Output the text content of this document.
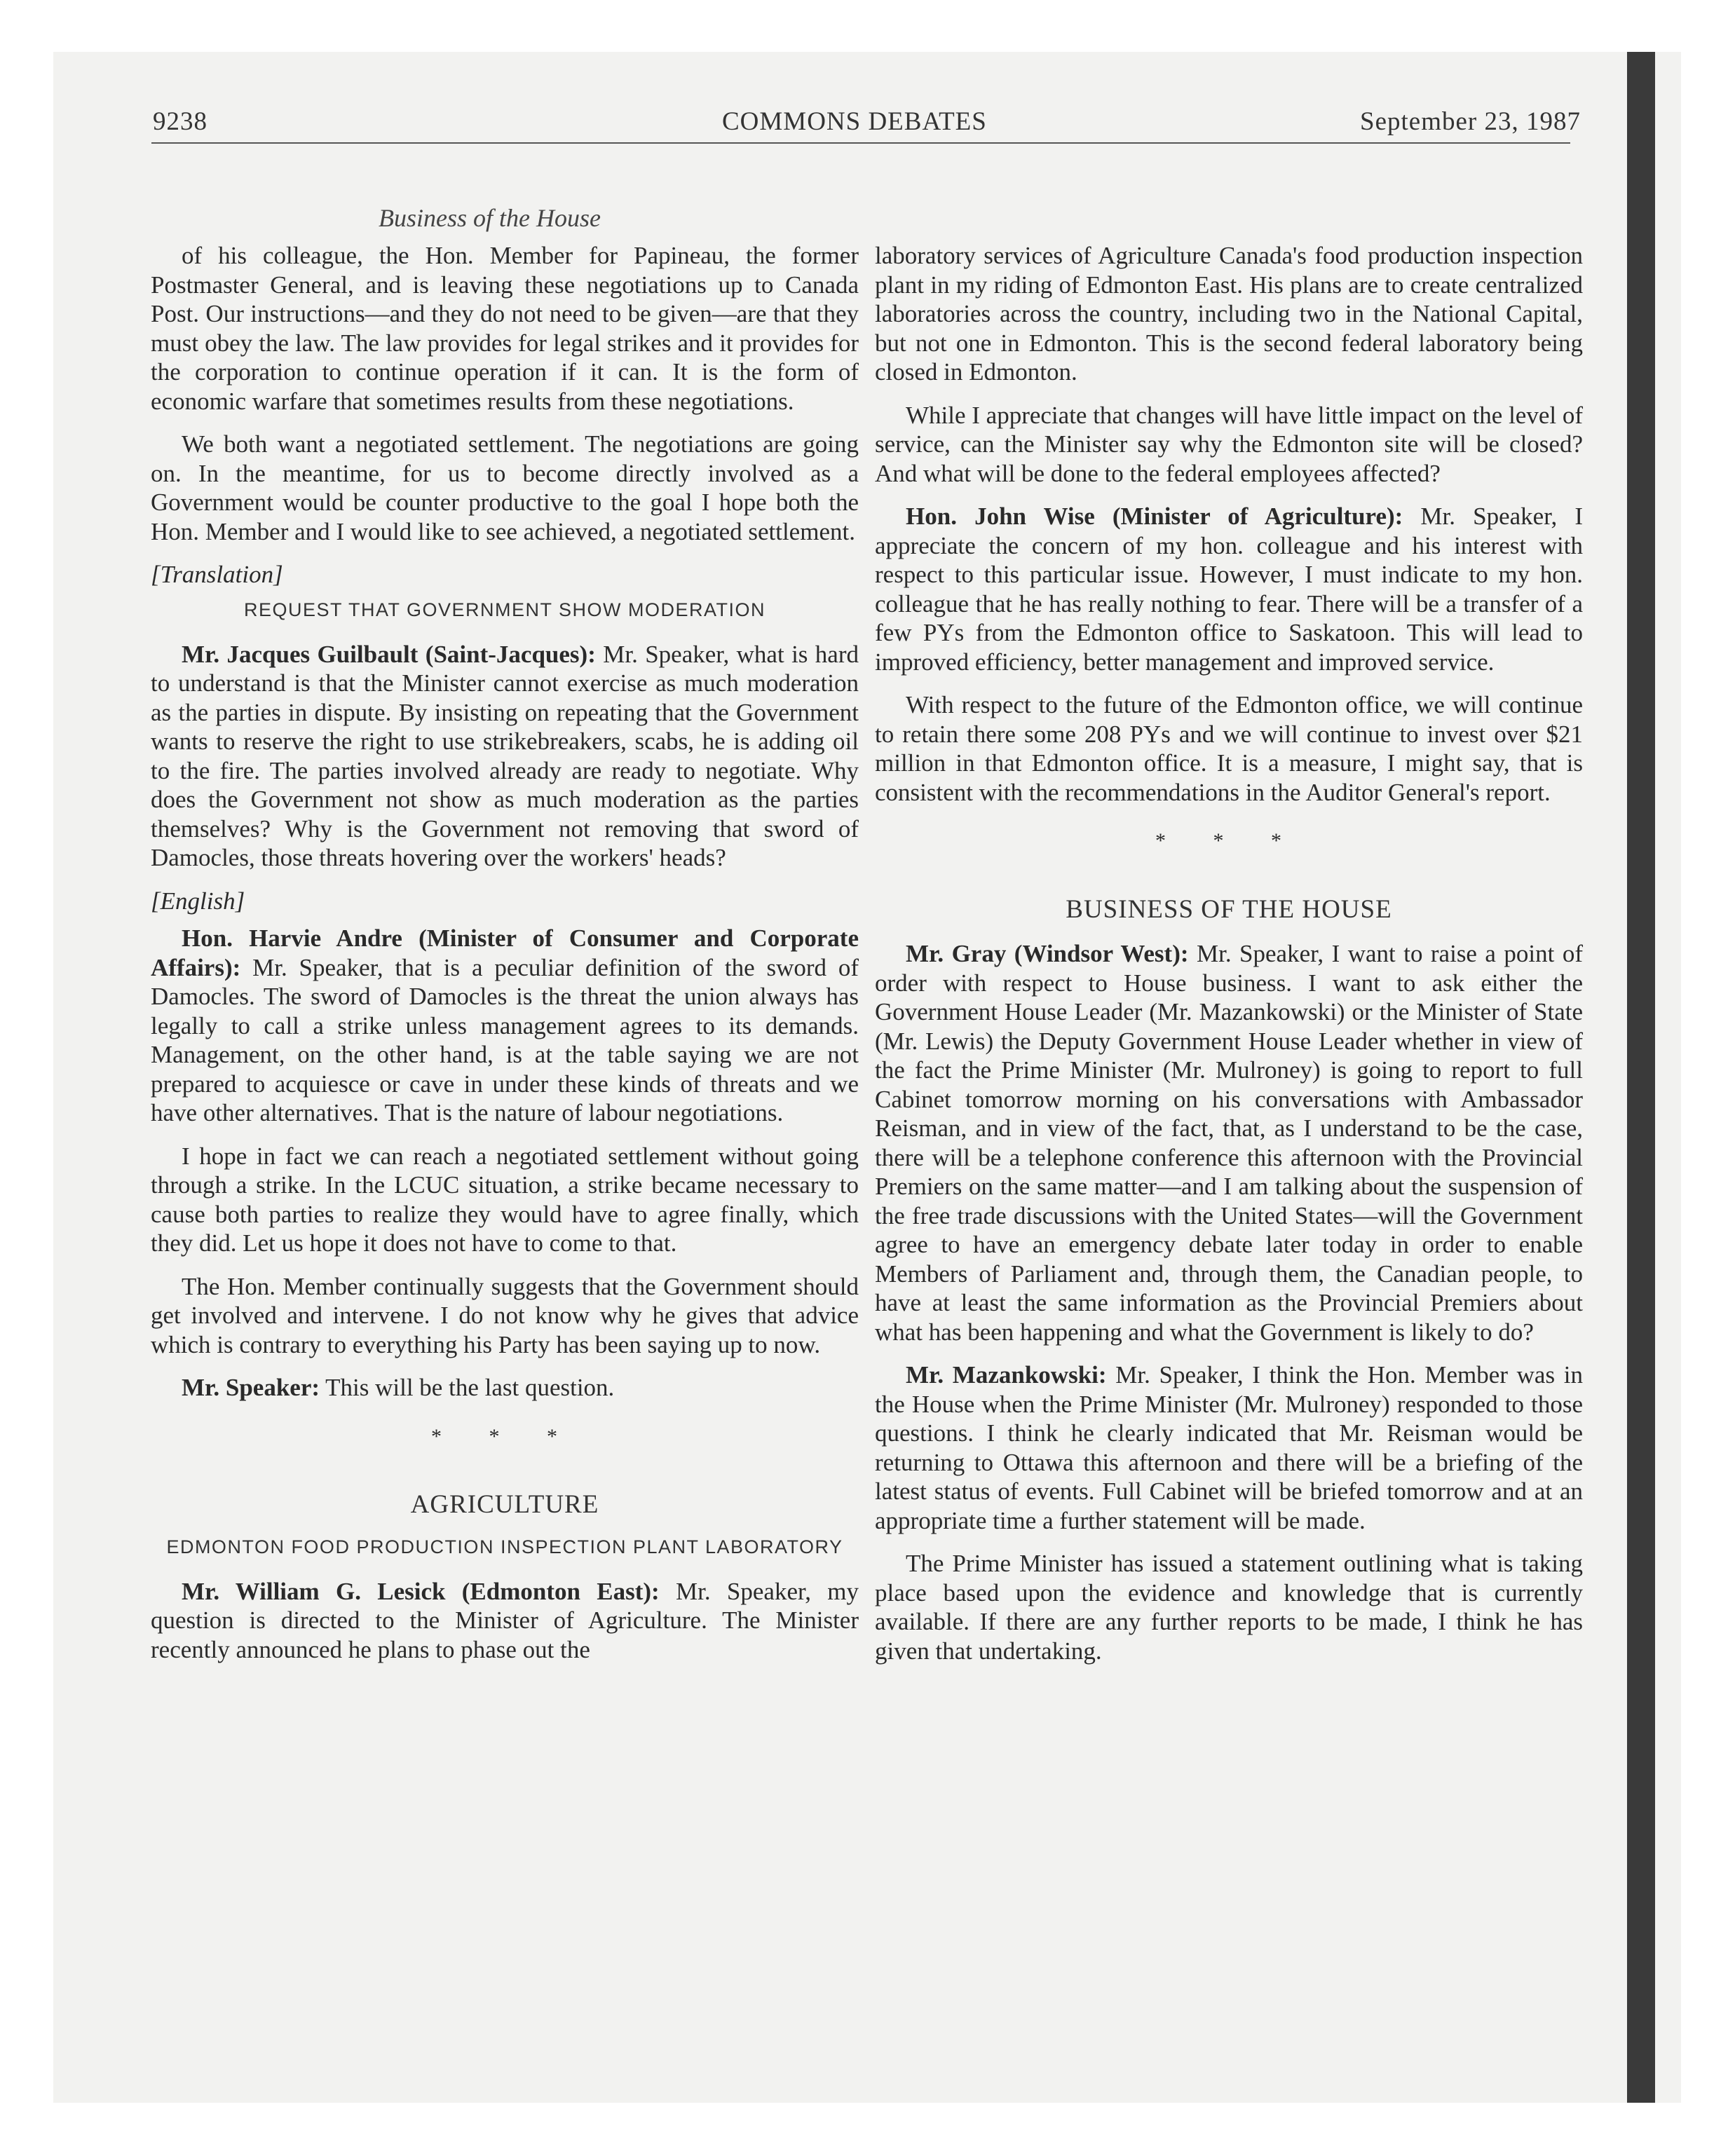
9238	COMMONS DEBATES	September 23, 1987
Business of the House

of his colleague, the Hon. Member for Papineau, the former Postmaster General, and is leaving these negotiations up to Canada Post. Our instructions—and they do not need to be given—are that they must obey the law. The law provides for legal strikes and it provides for the corporation to continue operation if it can. It is the form of economic warfare that sometimes results from these negotiations.

We both want a negotiated settlement. The negotiations are going on. In the meantime, for us to become directly involved as a Government would be counter productive to the goal I hope both the Hon. Member and I would like to see achieved, a negotiated settlement.

[Translation]

REQUEST THAT GOVERNMENT SHOW MODERATION

Mr. Jacques Guilbault (Saint-Jacques): Mr. Speaker, what is hard to understand is that the Minister cannot exercise as much moderation as the parties in dispute. By insisting on repeating that the Government wants to reserve the right to use strikebreakers, scabs, he is adding oil to the fire. The parties involved already are ready to negotiate. Why does the Government not show as much moderation as the parties themselves? Why is the Government not removing that sword of Damocles, those threats hovering over the workers' heads?

[English]

Hon. Harvie Andre (Minister of Consumer and Corporate Affairs): Mr. Speaker, that is a peculiar definition of the sword of Damocles. The sword of Damocles is the threat the union always has legally to call a strike unless management agrees to its demands. Management, on the other hand, is at the table saying we are not prepared to acquiesce or cave in under these kinds of threats and we have other alternatives. That is the nature of labour negotiations.

I hope in fact we can reach a negotiated settlement without going through a strike. In the LCUC situation, a strike became necessary to cause both parties to realize they would have to agree finally, which they did. Let us hope it does not have to come to that.

The Hon. Member continually suggests that the Government should get involved and intervene. I do not know why he gives that advice which is contrary to everything his Party has been saying up to now.

Mr. Speaker: This will be the last question.

* * *
AGRICULTURE
EDMONTON FOOD PRODUCTION INSPECTION PLANT LABORATORY

Mr. William G. Lesick (Edmonton East): Mr. Speaker, my question is directed to the Minister of Agriculture. The Minister recently announced he plans to phase out the

laboratory services of Agriculture Canada's food production inspection plant in my riding of Edmonton East. His plans are to create centralized laboratories across the country, including two in the National Capital, but not one in Edmonton. This is the second federal laboratory being closed in Edmonton.

While I appreciate that changes will have little impact on the level of service, can the Minister say why the Edmonton site will be closed? And what will be done to the federal employees affected?

Hon. John Wise (Minister of Agriculture): Mr. Speaker, I appreciate the concern of my hon. colleague and his interest with respect to this particular issue. However, I must indicate to my hon. colleague that he has really nothing to fear. There will be a transfer of a few PYs from the Edmonton office to Saskatoon. This will lead to improved efficiency, better management and improved service.

With respect to the future of the Edmonton office, we will continue to retain there some 208 PYs and we will continue to invest over $21 million in that Edmonton office. It is a measure, I might say, that is consistent with the recommendations in the Auditor General's report.

* * *
BUSINESS OF THE HOUSE

Mr. Gray (Windsor West): Mr. Speaker, I want to raise a point of order with respect to House business. I want to ask either the Government House Leader (Mr. Mazankowski) or the Minister of State (Mr. Lewis) the Deputy Government House Leader whether in view of the fact the Prime Minister (Mr. Mulroney) is going to report to full Cabinet tomorrow morning on his conversations with Ambassador Reisman, and in view of the fact, that, as I understand to be the case, there will be a telephone conference this afternoon with the Provincial Premiers on the same matter—and I am talking about the suspension of the free trade discussions with the United States—will the Government agree to have an emergency debate later today in order to enable Members of Parliament and, through them, the Canadian people, to have at least the same information as the Provincial Premiers about what has been happening and what the Government is likely to do?

Mr. Mazankowski: Mr. Speaker, I think the Hon. Member was in the House when the Prime Minister (Mr. Mulroney) responded to those questions. I think he clearly indicated that Mr. Reisman would be returning to Ottawa this afternoon and there will be a briefing of the latest status of events. Full Cabinet will be briefed tomorrow and at an appropriate time a further statement will be made.

The Prime Minister has issued a statement outlining what is taking place based upon the evidence and knowledge that is currently available. If there are any further reports to be made, I think he has given that undertaking.
